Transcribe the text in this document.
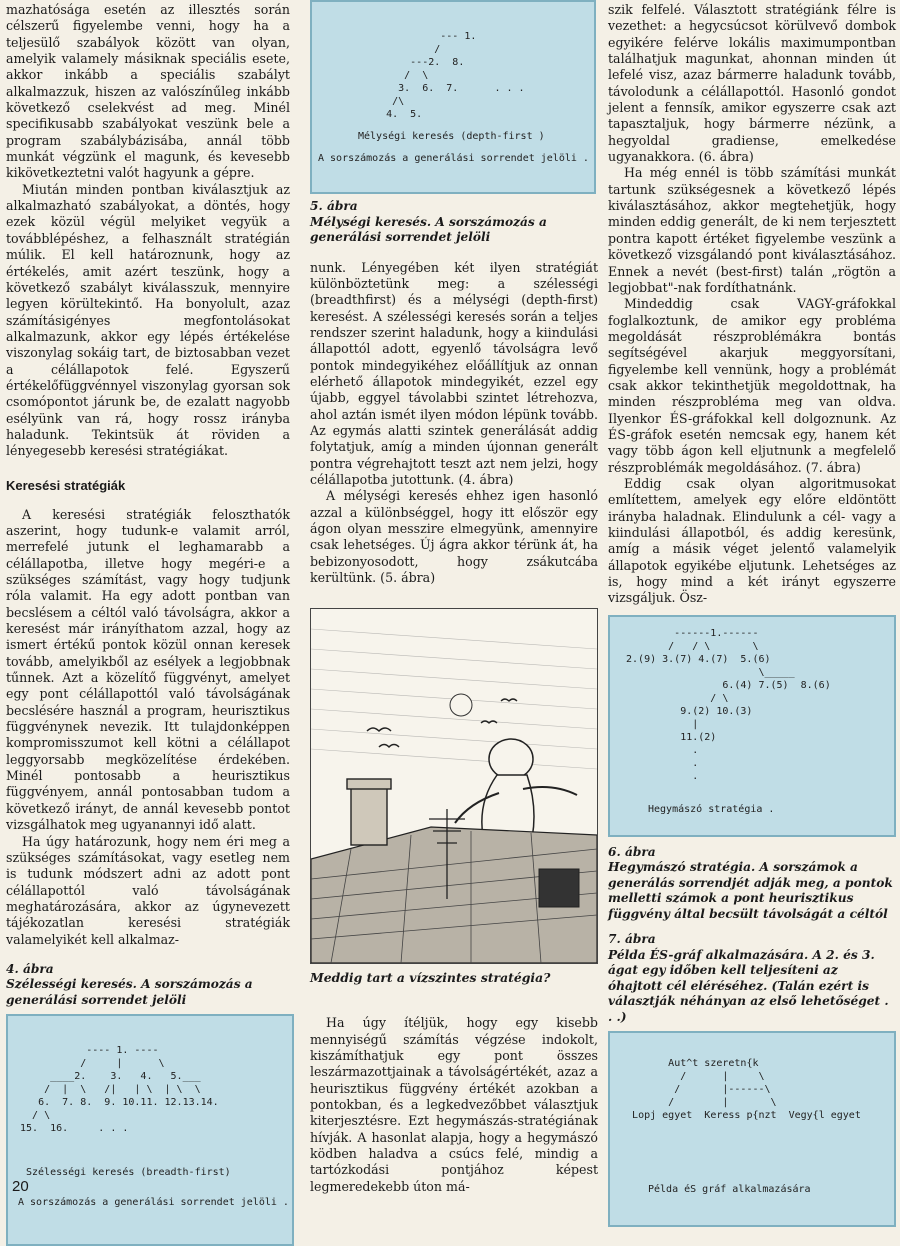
mazhatósága esetén az illesztés során célszerű figyelembe venni, hogy ha a teljesülő szabályok között van olyan, amelyik valamely másiknak speciális esete, akkor inkább a speciális szabályt alkalmazzuk, hiszen az valószínűleg inkább következő cselekvést ad meg. Minél specifikusabb szabályokat veszünk bele a program szabálybázisába, annál több munkát végzünk el magunk, és kevesebb kikövetkeztetni valót hagyunk a gépre.

Miután minden pontban kiválasztjuk az alkalmazható szabályokat, a döntés, hogy ezek közül végül melyiket vegyük a továbblépéshez, a felhasznált stratégián múlik. El kell határoznunk, hogy az értékelés, amit azért teszünk, hogy a következő szabályt kiválasszuk, mennyire legyen körültekintő. Ha bonyolult, azaz számításigényes megfontolásokat alkalmazunk, akkor egy lépés értékelése viszonylag sokáig tart, de biztosabban vezet a célállapotok felé. Egyszerű értékelőfüggvénnyel viszonylag gyorsan sok csomópontot járunk be, de ezalatt nagyobb esélyünk van rá, hogy rossz irányba haladunk. Tekintsük át röviden a lényegesebb keresési stratégiákat.

Keresési stratégiák

A keresési stratégiák feloszthatók aszerint, hogy tudunk-e valamit arról, merrefelé jutunk el leghamarabb a célállapotba, illetve hogy megéri-e a szükséges számítást, vagy hogy tudjunk róla valamit. Ha egy adott pontban van becslésem a céltól való távolságra, akkor a keresést már irányíthatom azzal, hogy az ismert értékű pontok közül onnan keresek tovább, amelyikből az esélyek a legjobbnak tűnnek. Azt a közelítő függvényt, amelyet egy pont célállapottól való távolságának becslésére használ a program, heurisztikus függvénynek nevezik. Itt tulajdonképpen kompromisszumot kell kötni a célállapot leggyorsabb megközelítése érdekében. Minél pontosabb a heurisztikus függvényem, annál pontosabban tudom a következő irányt, de annál kevesebb pontot vizsgálhatok meg ugyanannyi idő alatt.

Ha úgy határozunk, hogy nem éri meg a szükséges számításokat, vagy esetleg nem is tudunk módszert adni az adott pont célállapottól való távolságának meghatározására, akkor az úgynevezett tájékozatlan keresési stratégiák valamelyikét kell alkalmaz-

4. ábra
Szélességi keresés. A sorszámozás a generálási sorrendet jelöli
---- 1. ----
/     |      \
____2.    3.   4.   5.___
/  |  \   /|   | \  | \  \
6.  7. 8.  9. 10.11. 12.13.14.
/ \
15.  16.     . . .
Szélességi keresés (breadth-first)
A sorszámozás a generálási sorrendet jelöli .
--- 1.
/
---2.  8.
/  \
3.  6.  7.      . . .
/\
4.  5.
Mélységi keresés (depth-first )
A sorszámozás a generálási sorrendet jelöli .
5. ábra
Mélységi keresés. A sorszámozás a generálási sorrendet jelöli

nunk. Lényegében két ilyen stratégiát különböztetünk meg: a szélességi (breadthfirst) és a mélységi (depth-first) keresést. A szélességi keresés során a teljes rendszer szerint haladunk, hogy a kiindulási állapottól adott, egyenlő távolságra levő pontok mindegyikéhez előállítjuk az onnan elérhető állapotok mindegyikét, ezzel egy újabb, eggyel távolabbi szintet létrehozva, ahol aztán ismét ilyen módon lépünk tovább. Az egymás alatti szintek generálását addig folytatjuk, amíg a minden újonnan generált pontra végrehajtott teszt azt nem jelzi, hogy célállapotba jutottunk. (4. ábra)

A mélységi keresés ehhez igen hasonló azzal a különbséggel, hogy itt először egy ágon olyan messzire elmegyünk, amennyire csak lehetséges. Új ágra akkor térünk át, ha bebizonyosodott, hogy zsákutcába kerültünk. (5. ábra)

Meddig tart a vízszintes stratégia?

Ha úgy ítéljük, hogy egy kisebb mennyiségű számítás végzése indokolt, kiszámíthatjuk egy pont összes leszármazottjainak a távolságértékét, azaz a heurisztikus függvény értékét azokban a pontokban, és a legkedvezőbbet választjuk kiterjesztésre. Ezt hegymászás-stratégiának hívják. A hasonlat alapja, hogy a hegymászó ködben haladva a csúcs felé, mindig a tartózkodási pontjához képest legmeredekebb úton má-

szik felfelé. Választott stratégiánk félre is vezethet: a hegycsúcsot körülvevő dombok egyikére felérve lokális maximumpontban találhatjuk magunkat, ahonnan minden út lefelé visz, azaz bármerre haladunk tovább, távolodunk a célállapottól. Hasonló gondot jelent a fennsík, amikor egyszerre csak azt tapasztaljuk, hogy bármerre nézünk, a hegyoldal gradiense, emelkedése ugyanakkora. (6. ábra)

Ha még ennél is több számítási munkát tartunk szükségesnek a következő lépés kiválasztásához, akkor megtehetjük, hogy minden eddig generált, de ki nem terjesztett pontra kapott értéket figyelembe veszünk a következő vizsgálandó pont kiválasztásához. Ennek a nevét (best-first) talán „rögtön a legjobbat"-nak fordíthatnánk.

Mindeddig csak VAGY-gráfokkal foglalkoztunk, de amikor egy probléma megoldását részproblémákra bontás segítségével akarjuk meggyorsítani, figyelembe kell vennünk, hogy a problémát csak akkor tekinthetjük megoldottnak, ha minden részprobléma meg van oldva. Ilyenkor ÉS-gráfokkal kell dolgoznunk. Az ÉS-gráfok esetén nemcsak egy, hanem két vagy több ágon kell eljutnunk a megfelelő részproblémák megoldásához. (7. ábra)

Eddig csak olyan algoritmusokat említettem, amelyek egy előre eldöntött irányba haladnak. Elindulunk a cél- vagy a kiindulási állapotból, és addig keresünk, amíg a másik véget jelentő valamelyik állapotok egyikébe eljutunk. Lehetséges az is, hogy mind a két irányt egyszerre vizsgáljuk. Ösz-

------1.------
/   / \       \
2.(9) 3.(7) 4.(7)  5.(6)
\_____
6.(4) 7.(5)  8.(6)
/ \
9.(2) 10.(3)
|
11.(2)
.
.
.
Hegymászó stratégia .
6. ábra
Hegymászó stratégia. A sorszámok a generálás sorrendjét adják meg, a pontok melletti számok a pont heurisztikus függvény által becsült távolságát a céltól
7. ábra
Példa ÉS-gráf alkalmazására. A 2. és 3. ágat egy időben kell teljesíteni az óhajtott cél eléréséhez. (Talán ezért is választják néhányan az első lehetőséget . . .)
Aut^t szeretn{k
/      |     \
/       |------\
/        |       \
Lopj egyet  Keress p{nzt  Vegy{l egyet
Példa éS gráf alkalmazására
20
